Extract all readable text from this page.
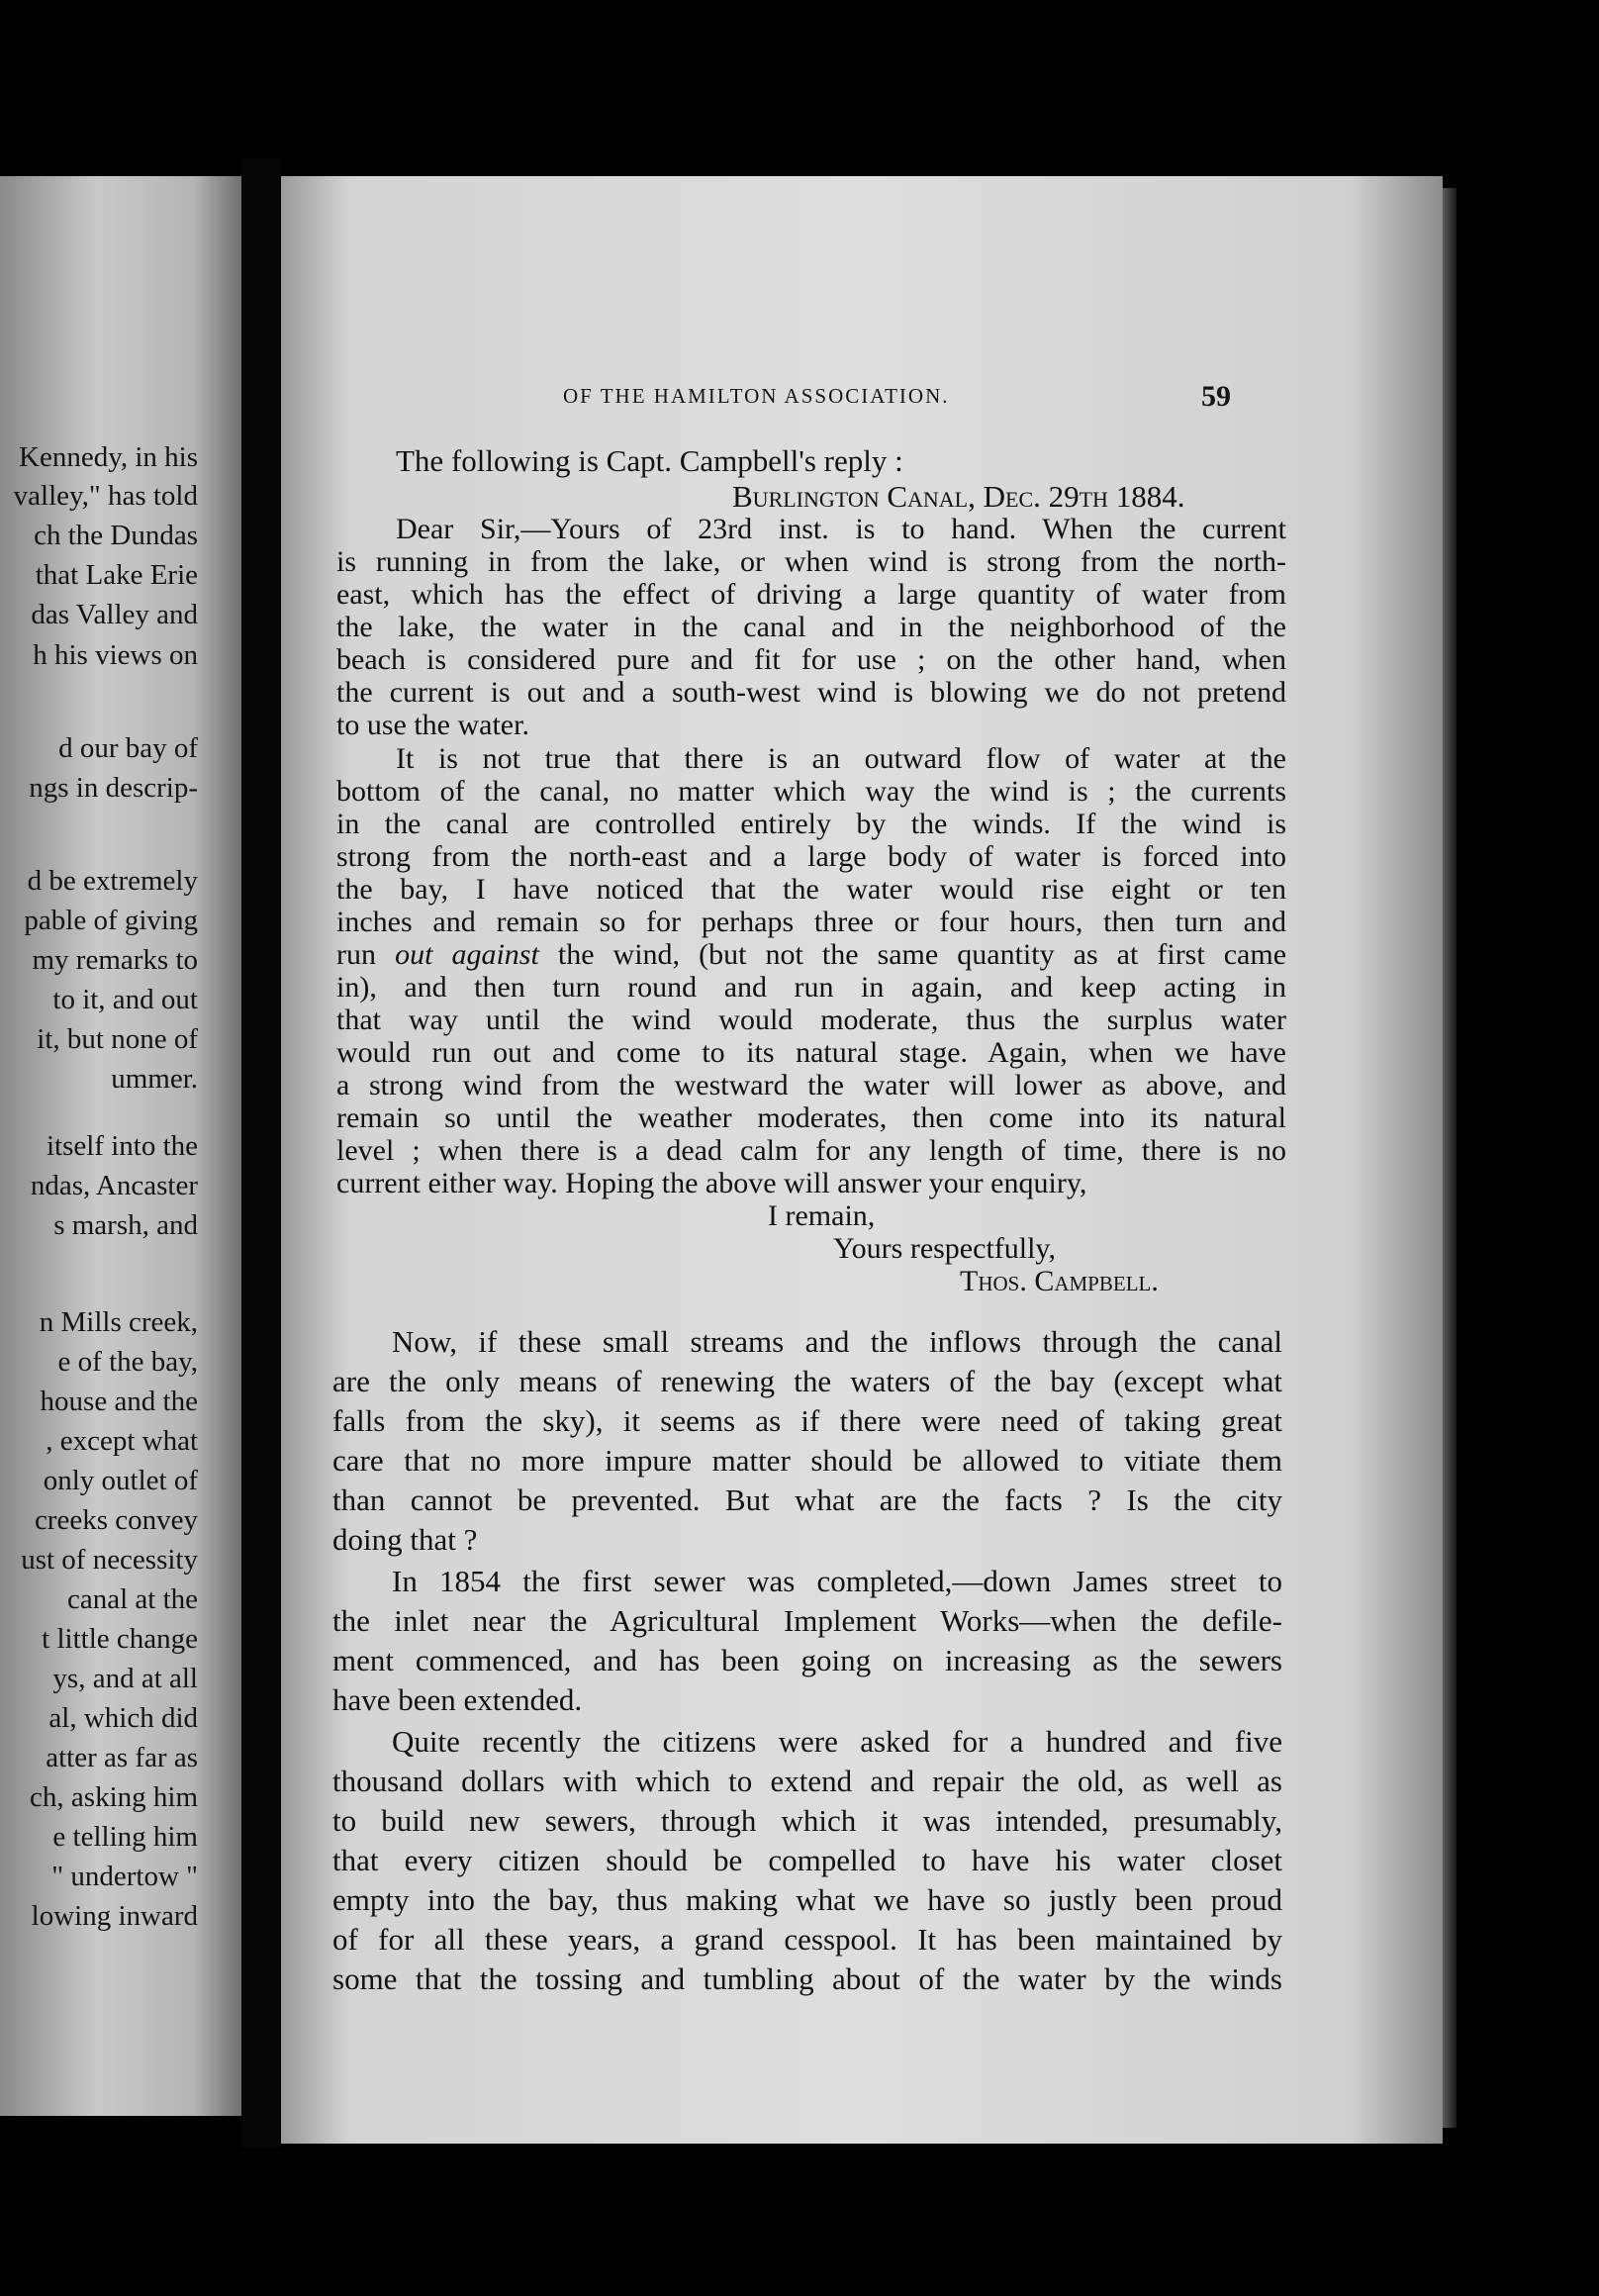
Kennedy, in his
valley," has told
ch the Dundas
that Lake Erie
das Valley and
h his views on
d our bay of
ngs in descrip-
d be extremely
pable of giving
my remarks to
to it, and out
it, but none of
ummer.
itself into the
ndas, Ancaster
s marsh, and
n Mills creek,
e of the bay,
house and the
, except what
only outlet of
creeks convey
ust of necessity
canal at the
t little change
ys, and at all
al, which did
atter as far as
ch, asking him
e telling him
" undertow "
lowing inward
OF THE HAMILTON ASSOCIATION.	59
The following is Capt. Campbell's reply :
Burlington Canal, Dec. 29th 1884.
Dear Sir,—Yours of 23rd inst. is to hand. When the current
is running in from the lake, or when wind is strong from the north-
east, which has the effect of driving a large quantity of water from
the lake, the water in the canal and in the neighborhood of the
beach is considered pure and fit for use ; on the other hand, when
the current is out and a south-west wind is blowing we do not pretend
to use the water.
It is not true that there is an outward flow of water at the
bottom of the canal, no matter which way the wind is ; the currents
in the canal are controlled entirely by the winds. If the wind is
strong from the north-east and a large body of water is forced into
the bay, I have noticed that the water would rise eight or ten
inches and remain so for perhaps three or four hours, then turn and
run out against the wind, (but not the same quantity as at first came
in), and then turn round and run in again, and keep acting in
that way until the wind would moderate, thus the surplus water
would run out and come to its natural stage. Again, when we have
a strong wind from the westward the water will lower as above, and
remain so until the weather moderates, then come into its natural
level ; when there is a dead calm for any length of time, there is no
current either way. Hoping the above will answer your enquiry,
I remain,
Yours respectfully,
Thos. Campbell.
Now, if these small streams and the inflows through the canal
are the only means of renewing the waters of the bay (except what
falls from the sky), it seems as if there were need of taking great
care that no more impure matter should be allowed to vitiate them
than cannot be prevented. But what are the facts ? Is the city
doing that ?
In 1854 the first sewer was completed,—down James street to
the inlet near the Agricultural Implement Works—when the defile-
ment commenced, and has been going on increasing as the sewers
have been extended.
Quite recently the citizens were asked for a hundred and five
thousand dollars with which to extend and repair the old, as well as
to build new sewers, through which it was intended, presumably,
that every citizen should be compelled to have his water closet
empty into the bay, thus making what we have so justly been proud
of for all these years, a grand cesspool. It has been maintained by
some that the tossing and tumbling about of the water by the winds
